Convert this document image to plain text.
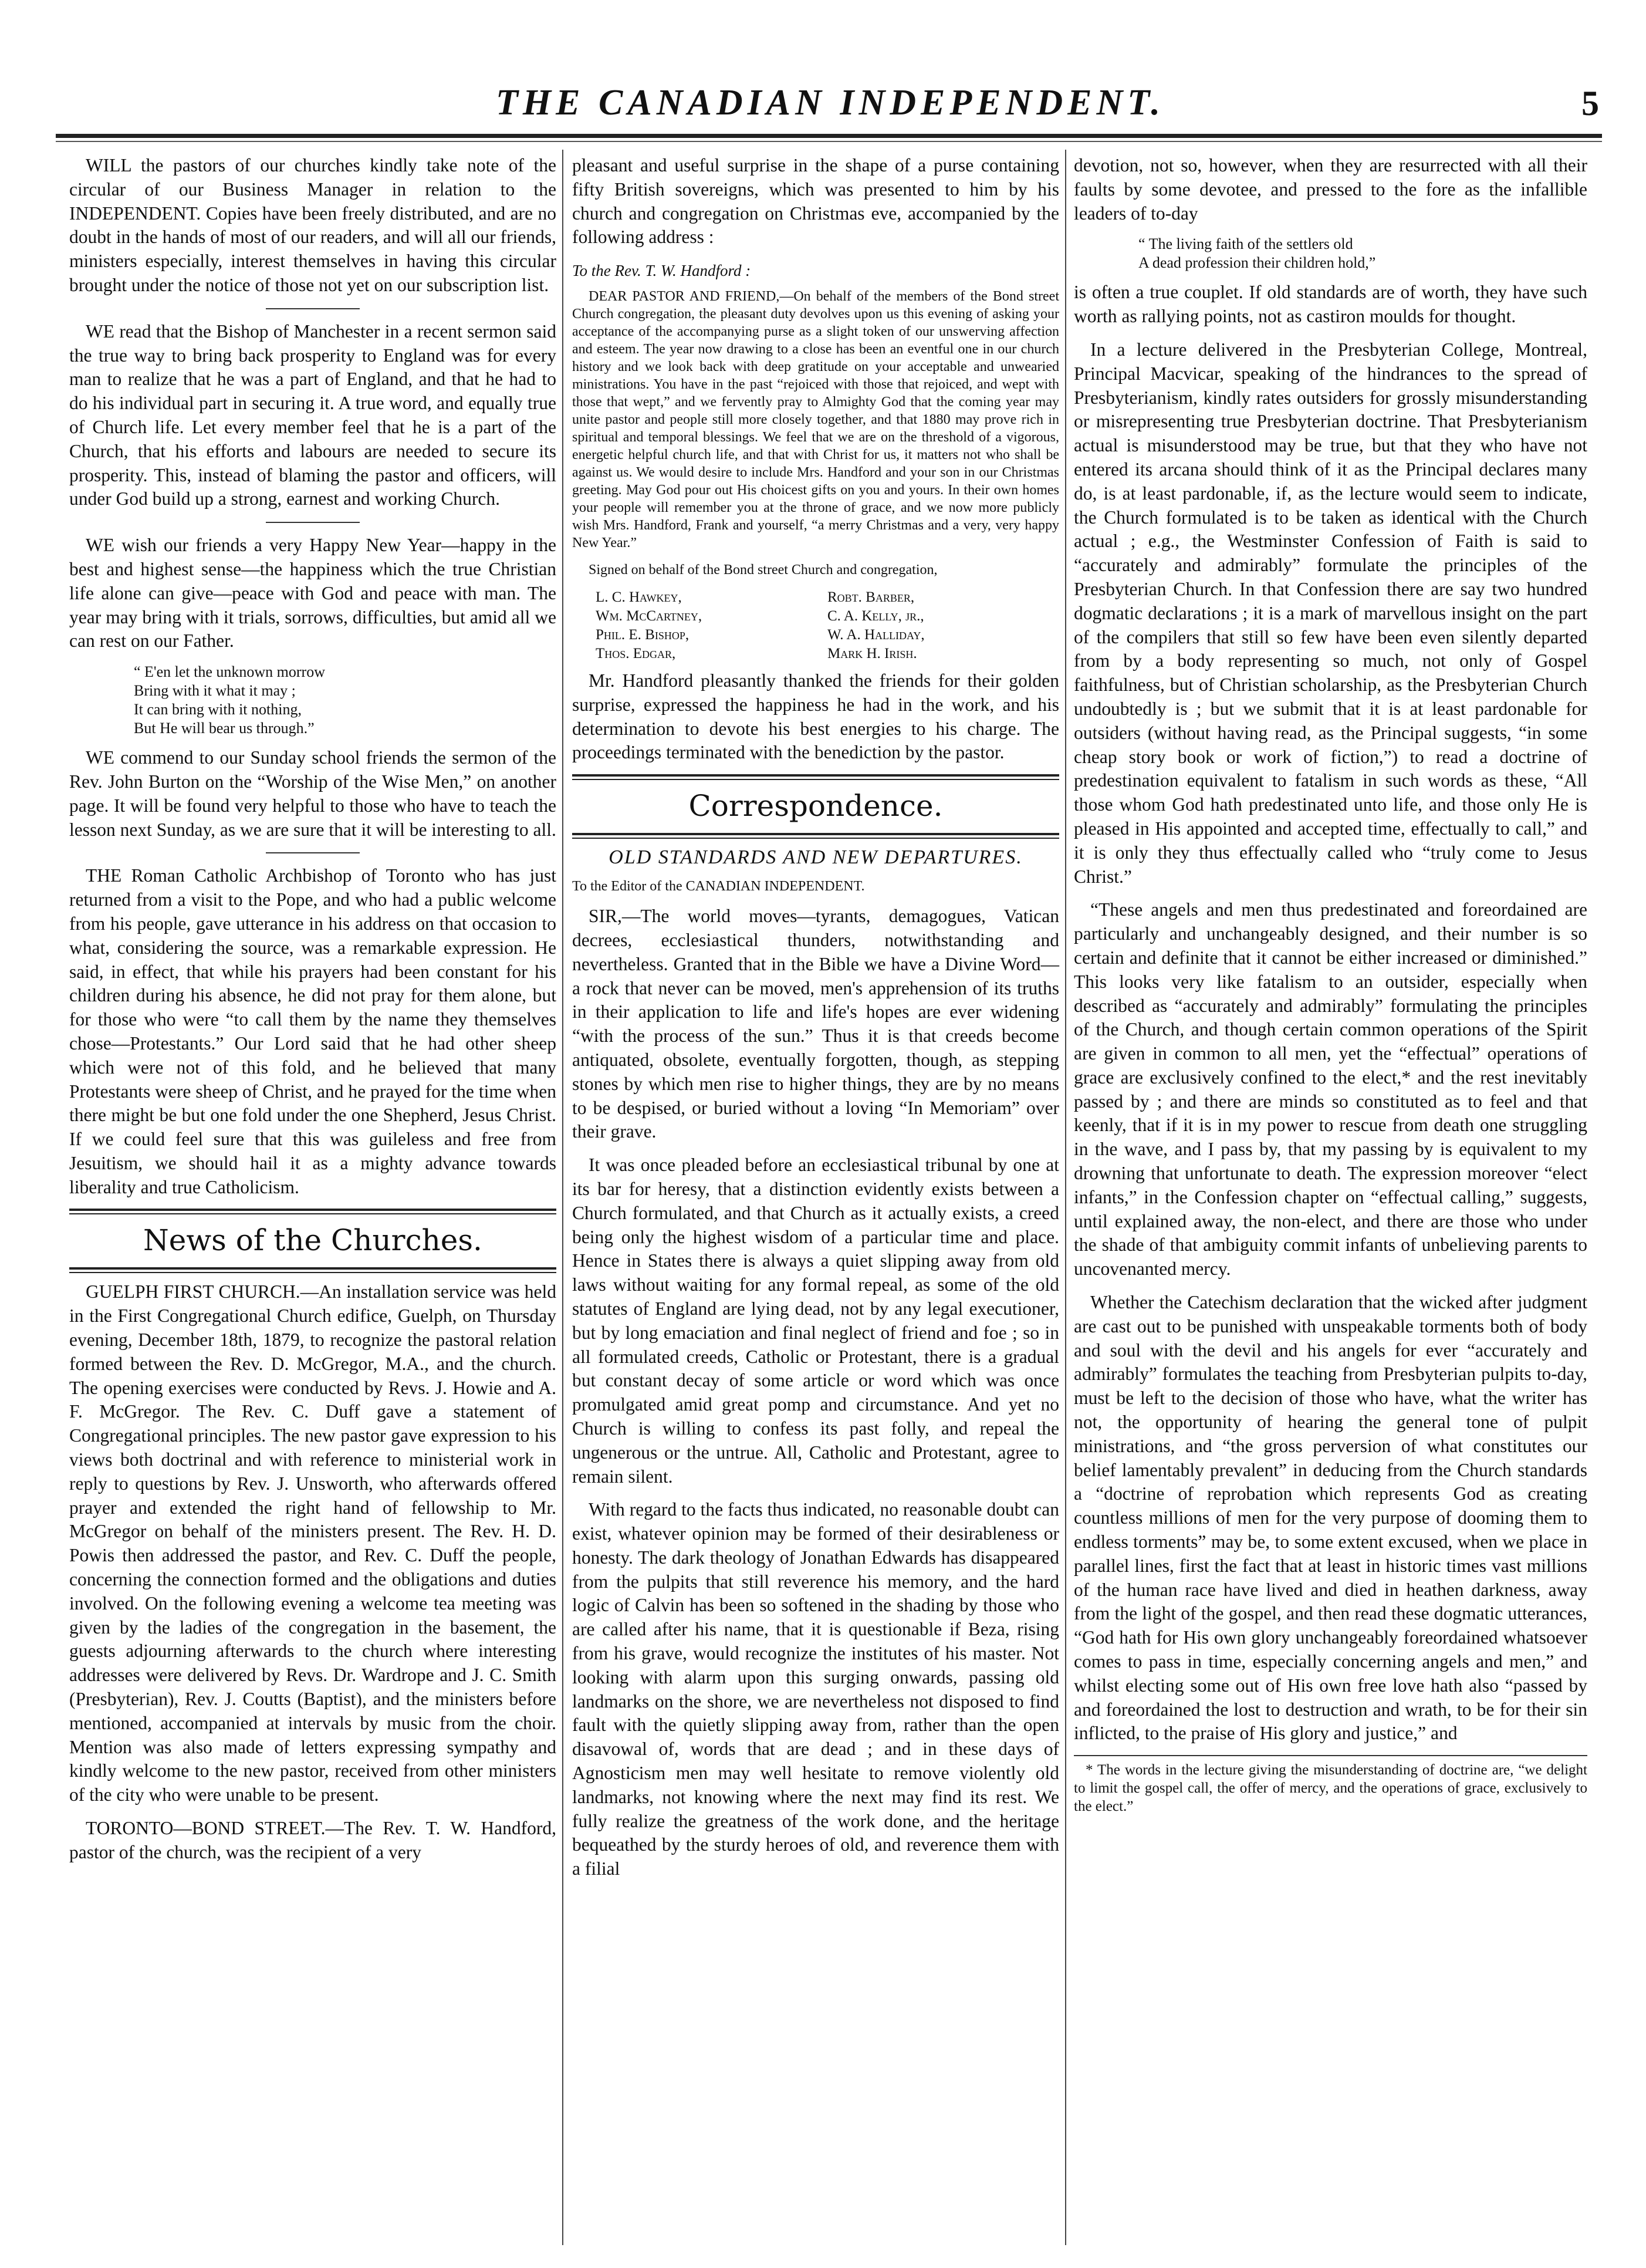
THE CANADIAN INDEPENDENT.	5

WILL the pastors of our churches kindly take note of the circular of our Business Manager in relation to the INDEPENDENT. Copies have been freely distributed, and are no doubt in the hands of most of our readers, and will all our friends, ministers especially, interest themselves in having this circular brought under the notice of those not yet on our subscription list.

WE read that the Bishop of Manchester in a recent sermon said the true way to bring back prosperity to England was for every man to realize that he was a part of England, and that he had to do his individual part in securing it. A true word, and equally true of Church life. Let every member feel that he is a part of the Church, that his efforts and labours are needed to secure its prosperity. This, instead of blaming the pastor and officers, will under God build up a strong, earnest and working Church.

WE wish our friends a very Happy New Year—happy in the best and highest sense—the happiness which the true Christian life alone can give—peace with God and peace with man. The year may bring with it trials, sorrows, difficulties, but amid all we can rest on our Father.

“ E'en let the unknown morrow
Bring with it what it may ;
It can bring with it nothing,
But He will bear us through.”

WE commend to our Sunday school friends the sermon of the Rev. John Burton on the “Worship of the Wise Men,” on another page. It will be found very helpful to those who have to teach the lesson next Sunday, as we are sure that it will be interesting to all.

THE Roman Catholic Archbishop of Toronto who has just returned from a visit to the Pope, and who had a public welcome from his people, gave utterance in his address on that occasion to what, considering the source, was a remarkable expression. He said, in effect, that while his prayers had been constant for his children during his absence, he did not pray for them alone, but for those who were “to call them by the name they themselves chose—Protestants.” Our Lord said that he had other sheep which were not of this fold, and he believed that many Protestants were sheep of Christ, and he prayed for the time when there might be but one fold under the one Shepherd, Jesus Christ. If we could feel sure that this was guileless and free from Jesuitism, we should hail it as a mighty advance towards liberality and true Catholicism.

News of the Churches.

GUELPH FIRST CHURCH.—An installation service was held in the First Congregational Church edifice, Guelph, on Thursday evening, December 18th, 1879, to recognize the pastoral relation formed between the Rev. D. McGregor, M.A., and the church. The opening exercises were conducted by Revs. J. Howie and A. F. McGregor. The Rev. C. Duff gave a statement of Congregational principles. The new pastor gave expression to his views both doctrinal and with reference to ministerial work in reply to questions by Rev. J. Unsworth, who afterwards offered prayer and extended the right hand of fellowship to Mr. McGregor on behalf of the ministers present. The Rev. H. D. Powis then addressed the pastor, and Rev. C. Duff the people, concerning the connection formed and the obligations and duties involved. On the following evening a welcome tea meeting was given by the ladies of the congregation in the basement, the guests adjourning afterwards to the church where interesting addresses were delivered by Revs. Dr. Wardrope and J. C. Smith (Presbyterian), Rev. J. Coutts (Baptist), and the ministers before mentioned, accompanied at intervals by music from the choir. Mention was also made of letters expressing sympathy and kindly welcome to the new pastor, received from other ministers of the city who were unable to be present.

TORONTO—BOND STREET.—The Rev. T. W. Handford, pastor of the church, was the recipient of a very

pleasant and useful surprise in the shape of a purse containing fifty British sovereigns, which was presented to him by his church and congregation on Christmas eve, accompanied by the following address :

To the Rev. T. W. Handford :

DEAR PASTOR AND FRIEND,—On behalf of the members of the Bond street Church congregation, the pleasant duty devolves upon us this evening of asking your acceptance of the accompanying purse as a slight token of our unswerving affection and esteem. The year now drawing to a close has been an eventful one in our church history and we look back with deep gratitude on your acceptable and unwearied ministrations. You have in the past “rejoiced with those that rejoiced, and wept with those that wept,” and we fervently pray to Almighty God that the coming year may unite pastor and people still more closely together, and that 1880 may prove rich in spiritual and temporal blessings. We feel that we are on the threshold of a vigorous, energetic helpful church life, and that with Christ for us, it matters not who shall be against us. We would desire to include Mrs. Handford and your son in our Christmas greeting. May God pour out His choicest gifts on you and yours. In their own homes your people will remember you at the throne of grace, and we now more publicly wish Mrs. Handford, Frank and yourself, “a merry Christmas and a very, very happy New Year.”

Signed on behalf of the Bond street Church and congregation,

L. C. Hawkey,	Robt. Barber,
Wm. McCartney,	C. A. Kelly, jr.,
Phil. E. Bishop,	W. A. Halliday,
Thos. Edgar,	Mark H. Irish.

Mr. Handford pleasantly thanked the friends for their golden surprise, expressed the happiness he had in the work, and his determination to devote his best energies to his charge. The proceedings terminated with the benediction by the pastor.

Correspondence.
OLD STANDARDS AND NEW DEPARTURES.

To the Editor of the CANADIAN INDEPENDENT.

SIR,—The world moves—tyrants, demagogues, Vatican decrees, ecclesiastical thunders, notwithstanding and nevertheless. Granted that in the Bible we have a Divine Word—a rock that never can be moved, men's apprehension of its truths in their application to life and life's hopes are ever widening “with the process of the sun.” Thus it is that creeds become antiquated, obsolete, eventually forgotten, though, as stepping stones by which men rise to higher things, they are by no means to be despised, or buried without a loving “In Memoriam” over their grave.

It was once pleaded before an ecclesiastical tribunal by one at its bar for heresy, that a distinction evidently exists between a Church formulated, and that Church as it actually exists, a creed being only the highest wisdom of a particular time and place. Hence in States there is always a quiet slipping away from old laws without waiting for any formal repeal, as some of the old statutes of England are lying dead, not by any legal executioner, but by long emaciation and final neglect of friend and foe ; so in all formulated creeds, Catholic or Protestant, there is a gradual but constant decay of some article or word which was once promulgated amid great pomp and circumstance. And yet no Church is willing to confess its past folly, and repeal the ungenerous or the untrue. All, Catholic and Protestant, agree to remain silent.

With regard to the facts thus indicated, no reasonable doubt can exist, whatever opinion may be formed of their desirableness or honesty. The dark theology of Jonathan Edwards has disappeared from the pulpits that still reverence his memory, and the hard logic of Calvin has been so softened in the shading by those who are called after his name, that it is questionable if Beza, rising from his grave, would recognize the institutes of his master. Not looking with alarm upon this surging onwards, passing old landmarks on the shore, we are nevertheless not disposed to find fault with the quietly slipping away from, rather than the open disavowal of, words that are dead ; and in these days of Agnosticism men may well hesitate to remove violently old landmarks, not knowing where the next may find its rest. We fully realize the greatness of the work done, and the heritage bequeathed by the sturdy heroes of old, and reverence them with a filial

devotion, not so, however, when they are resurrected with all their faults by some devotee, and pressed to the fore as the infallible leaders of to-day

“ The living faith of the settlers old
A dead profession their children hold,”

is often a true couplet. If old standards are of worth, they have such worth as rallying points, not as castiron moulds for thought.

In a lecture delivered in the Presbyterian College, Montreal, Principal Macvicar, speaking of the hindrances to the spread of Presbyterianism, kindly rates outsiders for grossly misunderstanding or misrepresenting true Presbyterian doctrine. That Presbyterianism actual is misunderstood may be true, but that they who have not entered its arcana should think of it as the Principal declares many do, is at least pardonable, if, as the lecture would seem to indicate, the Church formulated is to be taken as identical with the Church actual ; e.g., the Westminster Confession of Faith is said to “accurately and admirably” formulate the principles of the Presbyterian Church. In that Confession there are say two hundred dogmatic declarations ; it is a mark of marvellous insight on the part of the compilers that still so few have been even silently departed from by a body representing so much, not only of Gospel faithfulness, but of Christian scholarship, as the Presbyterian Church undoubtedly is ; but we submit that it is at least pardonable for outsiders (without having read, as the Principal suggests, “in some cheap story book or work of fiction,”) to read a doctrine of predestination equivalent to fatalism in such words as these, “All those whom God hath predestinated unto life, and those only He is pleased in His appointed and accepted time, effectually to call,” and it is only they thus effectually called who “truly come to Jesus Christ.”

“These angels and men thus predestinated and foreordained are particularly and unchangeably designed, and their number is so certain and definite that it cannot be either increased or diminished.” This looks very like fatalism to an outsider, especially when described as “accurately and admirably” formulating the principles of the Church, and though certain common operations of the Spirit are given in common to all men, yet the “effectual” operations of grace are exclusively confined to the elect,* and the rest inevitably passed by ; and there are minds so constituted as to feel and that keenly, that if it is in my power to rescue from death one struggling in the wave, and I pass by, that my passing by is equivalent to my drowning that unfortunate to death. The expression moreover “elect infants,” in the Confession chapter on “effectual calling,” suggests, until explained away, the non-elect, and there are those who under the shade of that ambiguity commit infants of unbelieving parents to uncovenanted mercy.

Whether the Catechism declaration that the wicked after judgment are cast out to be punished with unspeakable torments both of body and soul with the devil and his angels for ever “accurately and admirably” formulates the teaching from Presbyterian pulpits to-day, must be left to the decision of those who have, what the writer has not, the opportunity of hearing the general tone of pulpit ministrations, and “the gross perversion of what constitutes our belief lamentably prevalent” in deducing from the Church standards a “doctrine of reprobation which represents God as creating countless millions of men for the very purpose of dooming them to endless torments” may be, to some extent excused, when we place in parallel lines, first the fact that at least in historic times vast millions of the human race have lived and died in heathen darkness, away from the light of the gospel, and then read these dogmatic utterances, “God hath for His own glory unchangeably foreordained whatsoever comes to pass in time, especially concerning angels and men,” and whilst electing some out of His own free love hath also “passed by and foreordained the lost to destruction and wrath, to be for their sin inflicted, to the praise of His glory and justice,” and

* The words in the lecture giving the misunderstanding of doctrine are, “we delight to limit the gospel call, the offer of mercy, and the operations of grace, exclusively to the elect.”
